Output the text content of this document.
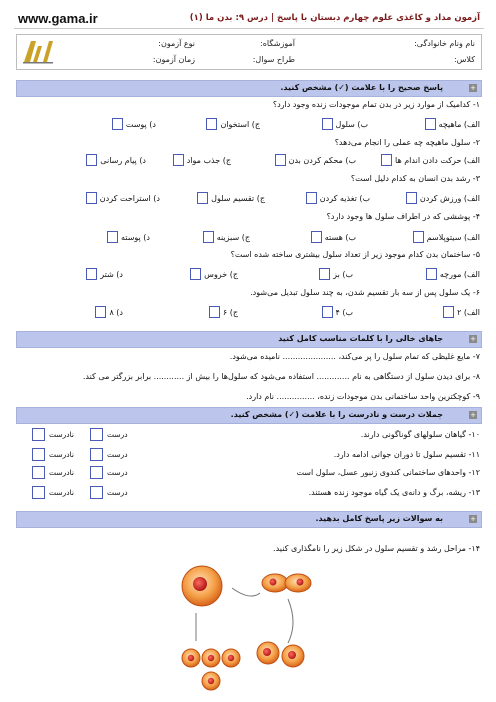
www.gama.ir	آزمون مداد و کاغذی علوم چهارم دبستان با پاسخ | درس ۹: بدن ما (۱)
نام ونام خانوادگی:
آموزشگاه:
نوع آزمون:
کلاس:
طراح سوال:
زمان آزمون:
+
پاسخ صحیح را با علامت (✓) مشخص کنید.
۱- کدامیک از موارد زیر در بدن تمام موجودات زنده وجود دارد؟
الف) ماهیچه
ب) سلول
ج) استخوان
د) پوست
۲- سلول ماهیچه چه عملی را انجام می‌دهد؟
الف) حرکت دادن اندام ها
ب) محکم کردن بدن
ج) جذب مواد
د) پیام رسانی
۳- رشد بدن انسان به کدام دلیل است؟
الف) ورزش کردن
ب) تغذیه کردن
ج) تقسیم سلول
د) استراحت کردن
۴- پوششی که در اطراف سلول ها وجود دارد؟
الف) سیتوپلاسم
ب) هسته
ج) سبزینه
د) پوسته
۵- ساختمان بدن کدام موجود زیر از تعداد سلول بیشتری ساخته شده است؟
الف) مورچه
ب) بز
ج) خروس
د) شتر
۶- یک سلول پس از سه بار تقسیم شدن، به چند سلول تبدیل می‌شود.
الف) ۲
ب) ۴
ج) ۶
د) ۸
+
جاهای خالی را با کلمات مناسب کامل کنید
۷- مایع غلیظی که تمام سلول را پر می‌کند، ..................... نامیده می‌شود.
۸- برای دیدن سلول از دستگاهی به نام ............. استفاده می‌شود که سلول‌ها را بیش از ............ برابر بزرگتر می کند.
۹- کوچکترین واحد ساختمانی بدن موجودات زنده، ............... نام دارد.
+
جملات درست و نادرست را با علامت (✓) مشخص کنید.
۱۰- گیاهان سلولهای گوناگونی دارند.
درست
نادرست
۱۱- تقسیم سلول تا دوران جوانی ادامه دارد.
درست
نادرست
۱۲- واحدهای ساختمانی کندوی زنبور عسل، سلول است
درست
نادرست
۱۳- ریشه، برگ و دانه‌ی یک گیاه موجود زنده هستند.
درست
نادرست
+
به سوالات زیر پاسخ کامل بدهید.
۱۴- مراحل رشد و تقسیم سلول در شکل زیر را نامگذاری کنید.
